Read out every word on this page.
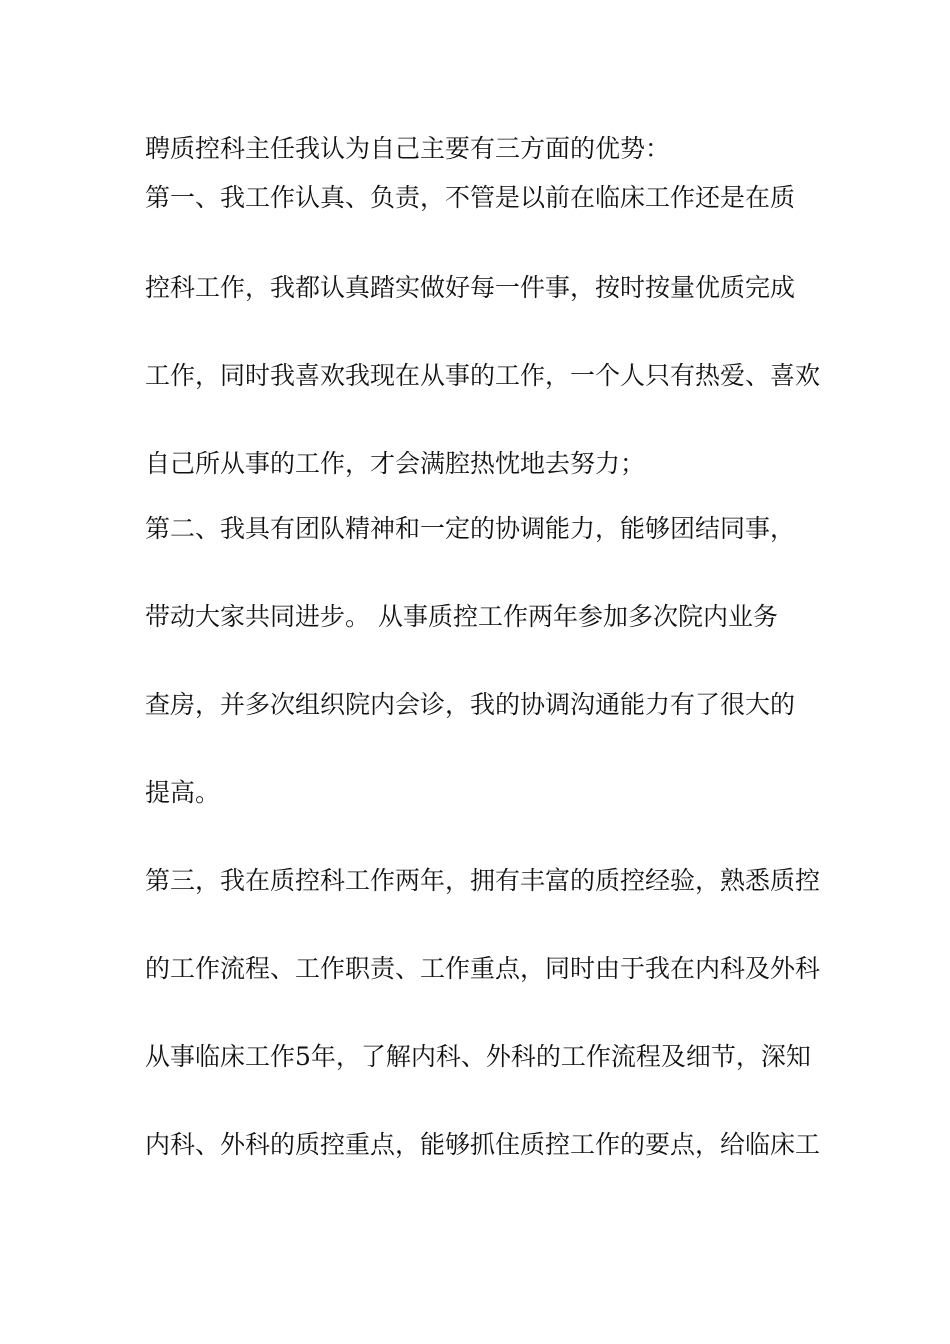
聘质控科主任我认为自己主要有三方面的优势：
第一、我工作认真、负责，不管是以前在临床工作还是在质
控科工作，我都认真踏实做好每一件事，按时按量优质完成
工作，同时我喜欢我现在从事的工作，一个人只有热爱、喜欢
自己所从事的工作，才会满腔热忱地去努力；
第二、我具有团队精神和一定的协调能力，能够团结同事，
带动大家共同进步。 从事质控工作两年参加多次院内业务
查房，并多次组织院内会诊，我的协调沟通能力有了很大的
提高。
第三，我在质控科工作两年，拥有丰富的质控经验，熟悉质控
的工作流程、工作职责、工作重点，同时由于我在内科及外科
从事临床工作5年，了解内科、外科的工作流程及细节，深知
内科、外科的质控重点，能够抓住质控工作的要点，给临床工
